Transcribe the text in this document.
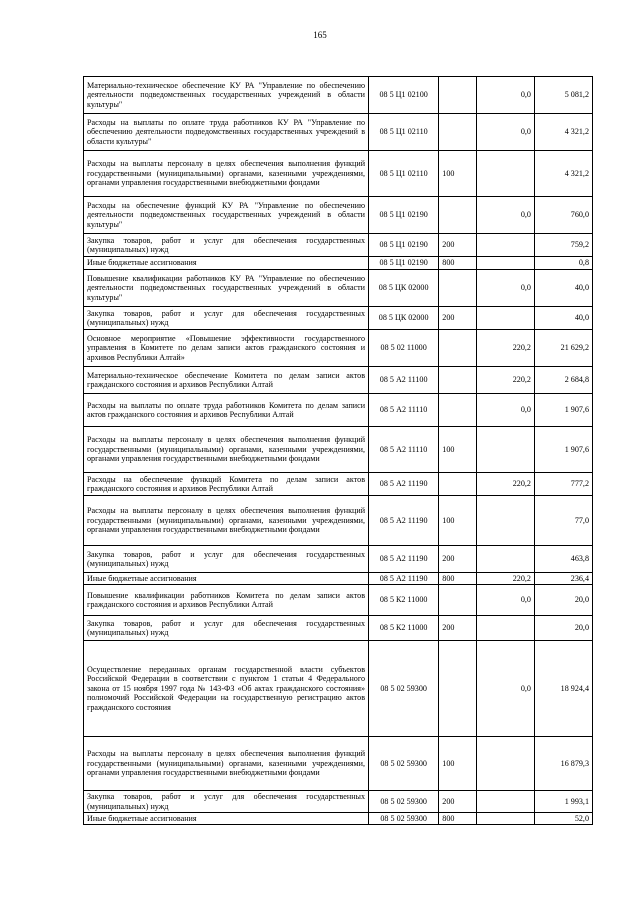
165
Материально-техническое обеспечение КУ РА "Управление по обеспечению деятельности подведомственных государственных учреждений в области культуры"	08 5 Ц1 02100		0,0	5 081,2
Расходы на выплаты по оплате труда работников КУ РА "Управление по обеспечению деятельности подведомственных государственных учреждений в области культуры"	08 5 Ц1 02110		0,0	4 321,2
Расходы на выплаты персоналу в целях обеспечения выполнения функций государственными (муниципальными) органами, казенными учреждениями, органами управления государственными внебюджетными фондами	08 5 Ц1 02110	100		4 321,2
Расходы на обеспечение функций КУ РА "Управление по обеспечению деятельности подведомственных государственных учреждений в области культуры"	08 5 Ц1 02190		0,0	760,0
Закупка товаров, работ и услуг для обеспечения государственных (муниципальных) нужд	08 5 Ц1 02190	200		759,2
Иные бюджетные ассигнования	08 5 Ц1 02190	800		0,8
Повышение квалификации работников КУ РА "Управление по обеспечению деятельности подведомственных государственных учреждений в области культуры"	08 5 ЦК 02000		0,0	40,0
Закупка товаров, работ и услуг для обеспечения государственных (муниципальных) нужд	08 5 ЦК 02000	200		40,0
Основное мероприятие «Повышение эффективности государственного управления в Комитете по делам записи актов гражданского состояния и архивов Республики Алтай»	08 5 02 11000		220,2	21 629,2
Материально-техническое обеспечение Комитета по делам записи актов гражданского состояния и архивов Республики Алтай	08 5 А2 11100		220,2	2 684,8
Расходы на выплаты по оплате труда работников Комитета по делам записи актов гражданского состояния и архивов Республики Алтай	08 5 А2 11110		0,0	1 907,6
Расходы на выплаты персоналу в целях обеспечения выполнения функций государственными (муниципальными) органами, казенными учреждениями, органами управления государственными внебюджетными фондами	08 5 А2 11110	100		1 907,6
Расходы на обеспечение функций Комитета по делам записи актов гражданского состояния и архивов Республики Алтай	08 5 А2 11190		220,2	777,2
Расходы на выплаты персоналу в целях обеспечения выполнения функций государственными (муниципальными) органами, казенными учреждениями, органами управления государственными внебюджетными фондами	08 5 А2 11190	100		77,0
Закупка товаров, работ и услуг для обеспечения государственных (муниципальных) нужд	08 5 А2 11190	200		463,8
Иные бюджетные ассигнования	08 5 А2 11190	800	220,2	236,4
Повышение квалификации работников Комитета по делам записи актов гражданского состояния и архивов Республики Алтай	08 5 К2 11000		0,0	20,0
Закупка товаров, работ и услуг для обеспечения государственных (муниципальных) нужд	08 5 К2 11000	200		20,0
Осуществление переданных органам государственной власти субъектов Российской Федерации в соответствии с пунктом 1 статьи 4 Федерального закона от 15 ноября 1997 года № 143-ФЗ «Об актах гражданского состояния» полномочий Российской Федерации на государственную регистрацию актов гражданского состояния	08 5 02 59300		0,0	18 924,4
Расходы на выплаты персоналу в целях обеспечения выполнения функций государственными (муниципальными) органами, казенными учреждениями, органами управления государственными внебюджетными фондами	08 5 02 59300	100		16 879,3
Закупка товаров, работ и услуг для обеспечения государственных (муниципальных) нужд	08 5 02 59300	200		1 993,1
Иные бюджетные ассигнования	08 5 02 59300	800		52,0
